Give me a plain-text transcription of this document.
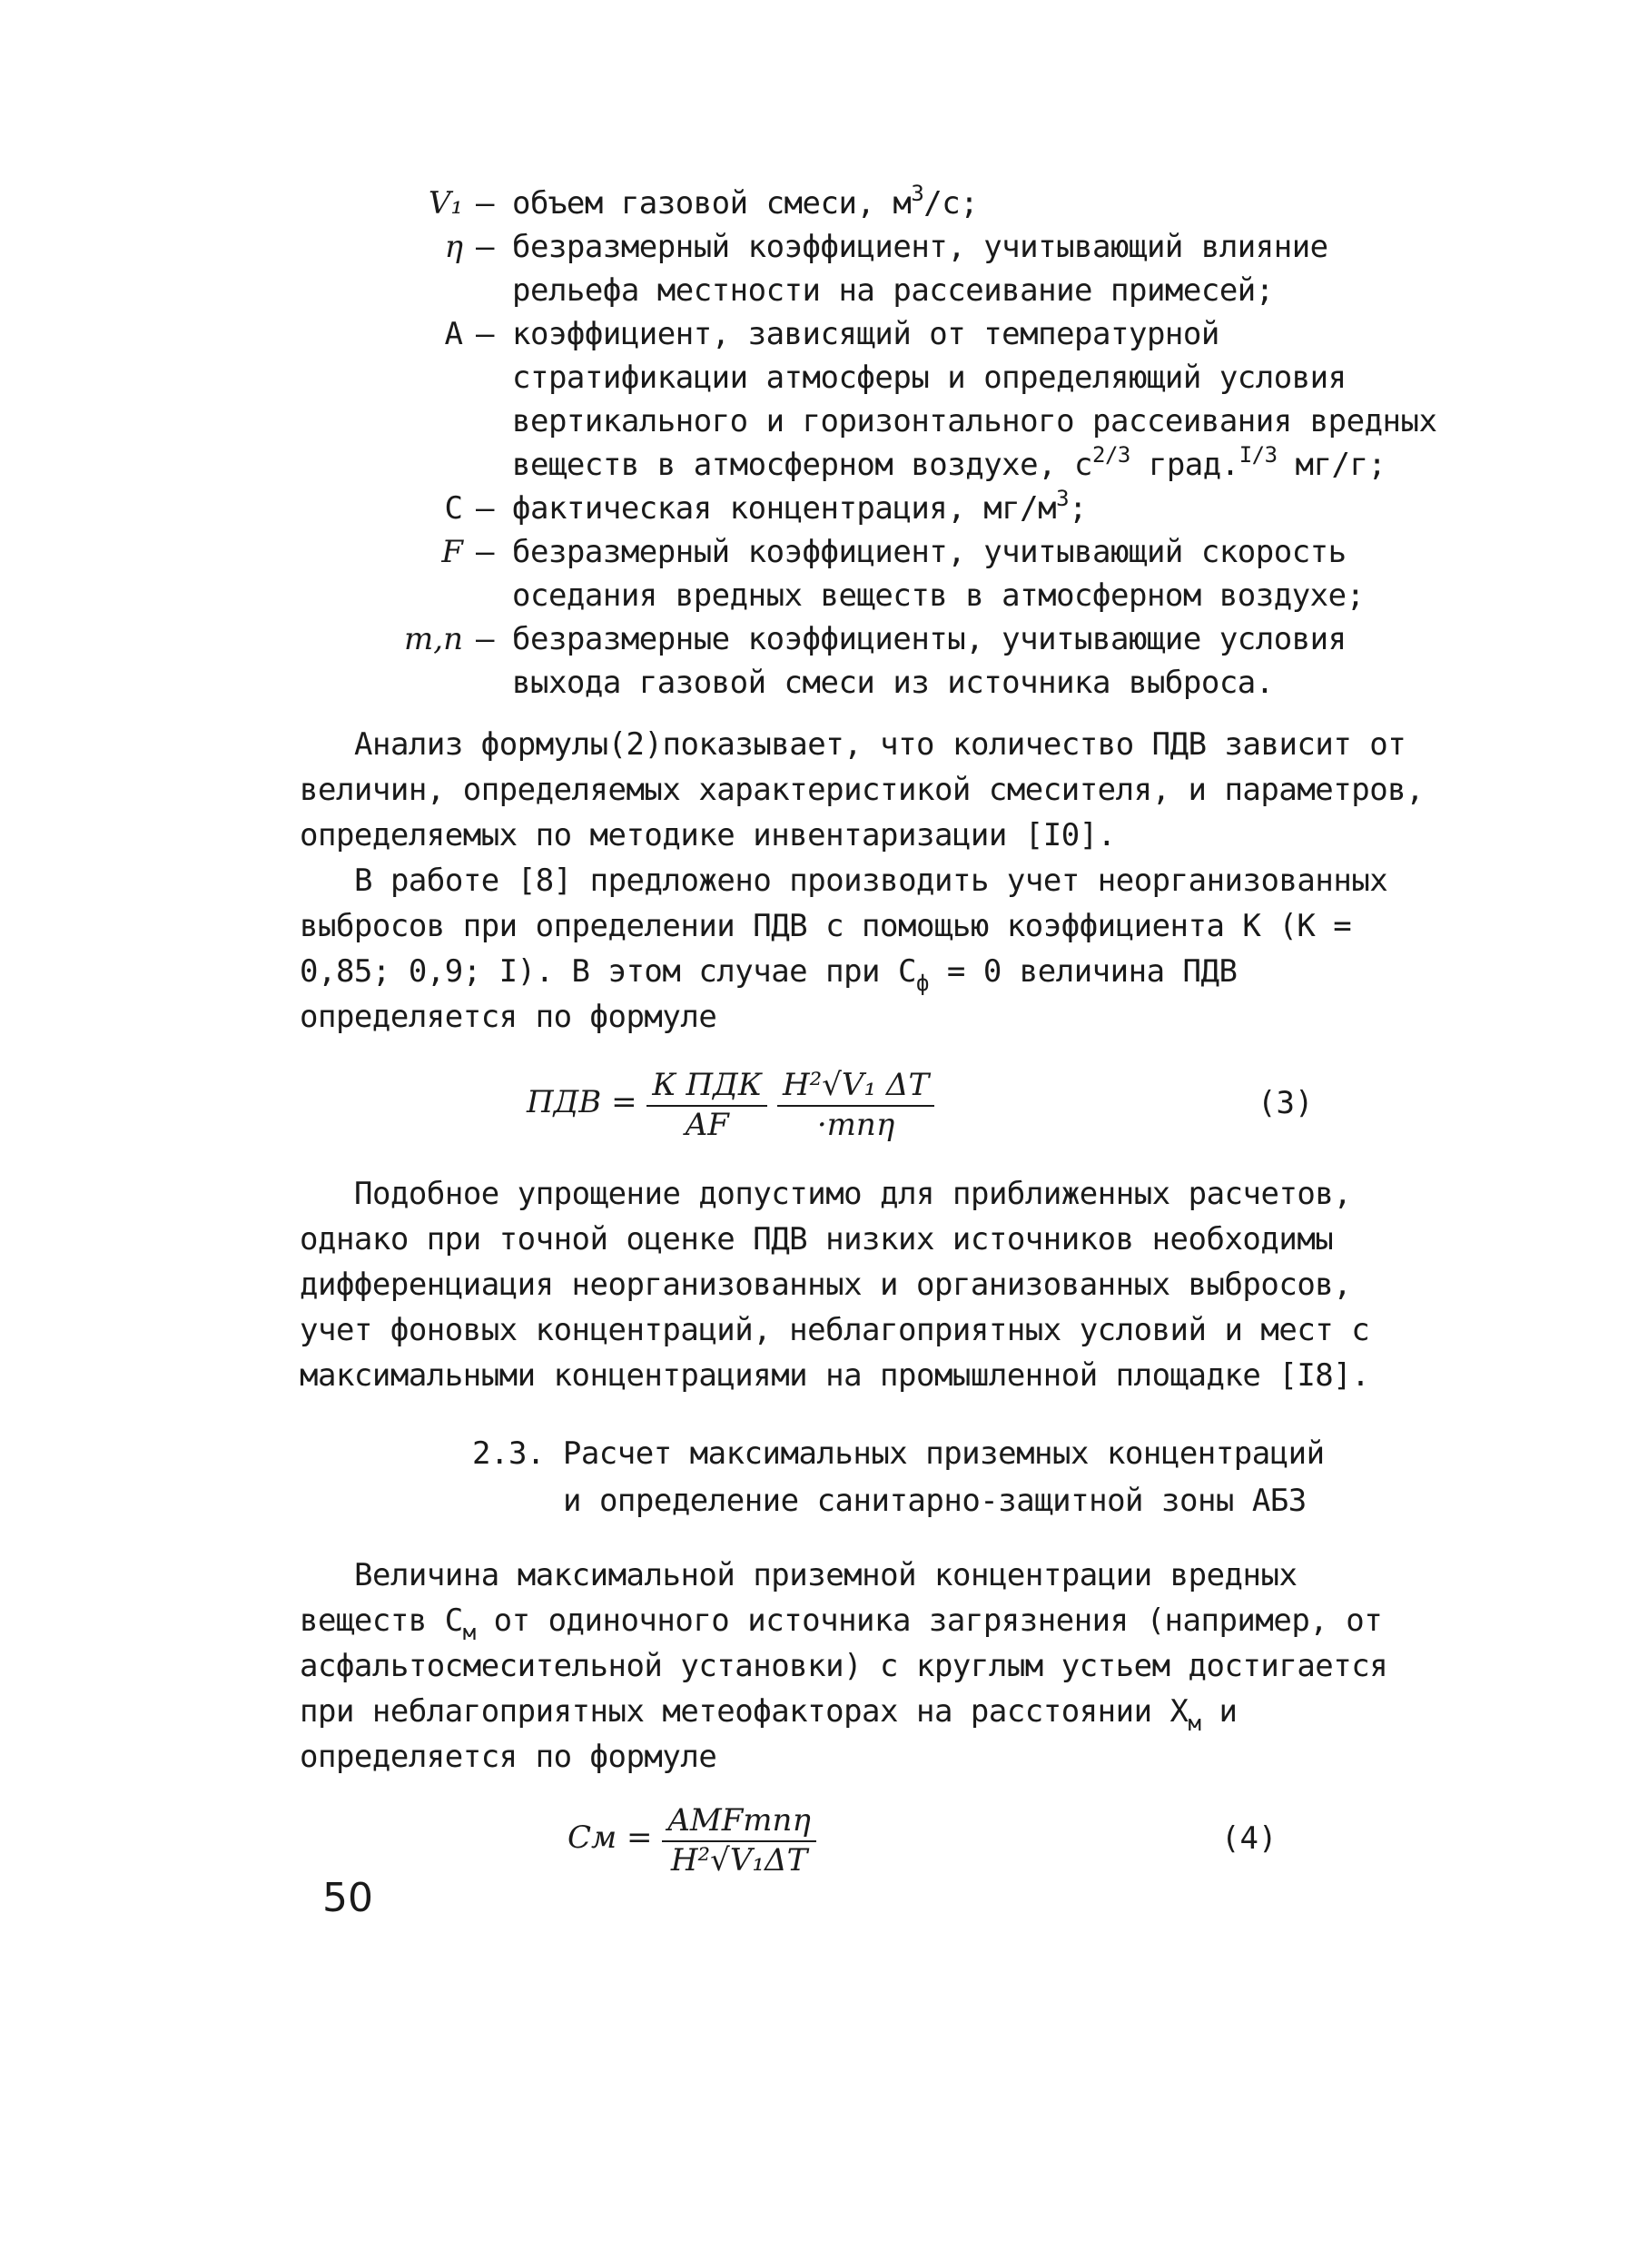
V₁ – объем газовой смеси, $м^3/с$;
η – безразмерный коэффициент, учитывающий влияние рельефа местности на рассеивание примесей;
A – коэффициент, зависящий от температурной стратификации атмосферы и определяющий условия вертикального и горизонтального рассеивания вредных веществ в атмосферном воздухе, $с^{2/3}$ град.$^{I/3}$ мг/г;
C – фактическая концентрация, $мг/м^3$;
F – безразмерный коэффициент, учитывающий скорость оседания вредных веществ в атмосферном воздухе;
m,n – безразмерные коэффициенты, учитывающие условия выхода газовой смеси из источника выброса.
Анализ формулы(2)показывает, что количество ПДВ зависит от величин, определяемых характеристикой смесителя, и параметров, определяемых по методике инвентаризации [I0].
В работе [8] предложено производить учет неорганизованных выбросов при определении ПДВ с помощью коэффициента К (К = 0,85; 0,9; I). В этом случае при $С_ф = 0$ величина ПДВ определяется по формуле
ПДВ = $\frac{\text{К ПДК}}{AF}$
$\frac{\text{H²√V₁ ΔT}}{\text{·mnη}}$	(3)
Подобное упрощение допустимо для приближенных расчетов, однако при точной оценке ПДВ низких источников необходимы дифференциация неорганизованных и организованных выбросов, учет фоновых концентраций, неблагоприятных условий и мест с максимальными концентрациями на промышленной площадке [I8].
2.3. Расчет максимальных приземных концентраций
и определение санитарно-защитной зоны АБЗ
Величина максимальной приземной концентрации вредных веществ $С_м$ от одиночного источника загрязнения (например, от асфальтосмесительной установки) с круглым устьем достигается при неблагоприятных метеофакторах на расстоянии $Х_м$ и определяется по формуле
Cм = $\frac{\text{AMFmnη}}{\text{H²√V₁ΔT}}$	(4)
50
